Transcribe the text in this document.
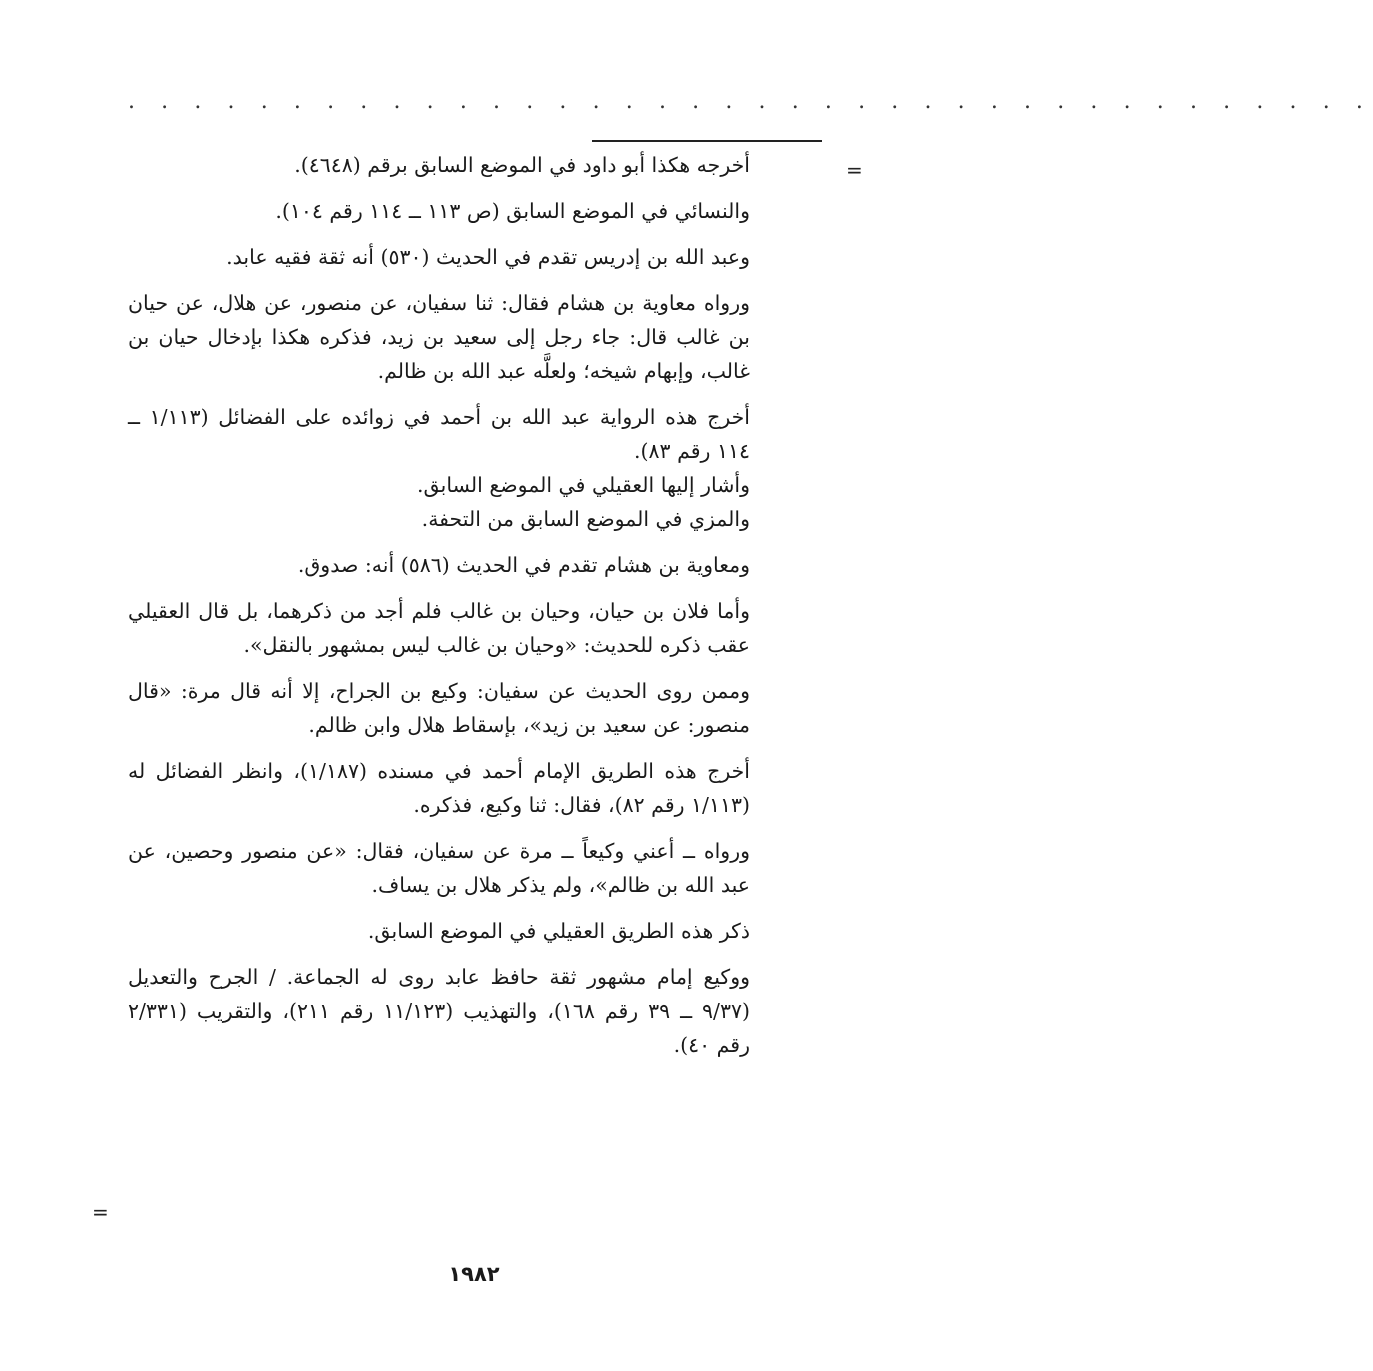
. . . . . . . . . . . . . . . . . . . . . . . . . . . . . . . . . . . . . .
=

أخرجه هكذا أبو داود في الموضع السابق برقم (٤٦٤٨).

والنسائي في الموضع السابق (ص ١١٣ ــ ١١٤ رقم ١٠٤).

وعبد الله بن إدريس تقدم في الحديث (٥٣٠) أنه ثقة فقيه عابد.

ورواه معاوية بن هشام فقال: ثنا سفيان، عن منصور، عن هلال، عن حيان بن غالب قال: جاء رجل إلى سعيد بن زيد، فذكره هكذا بإدخال حيان بن غالب، وإبهام شيخه؛ ولعلَّه عبد الله بن ظالم.

أخرج هذه الرواية عبد الله بن أحمد في زوائده على الفضائل (١/١١٣ ــ ١١٤ رقم ٨٣).

وأشار إليها العقيلي في الموضع السابق.

والمزي في الموضع السابق من التحفة.

ومعاوية بن هشام تقدم في الحديث (٥٨٦) أنه: صدوق.

وأما فلان بن حيان، وحيان بن غالب فلم أجد من ذكرهما، بل قال العقيلي عقب ذكره للحديث: «وحيان بن غالب ليس بمشهور بالنقل».

وممن روى الحديث عن سفيان: وكيع بن الجراح، إلا أنه قال مرة: «قال منصور: عن سعيد بن زيد»، بإسقاط هلال وابن ظالم.

أخرج هذه الطريق الإمام أحمد في مسنده (١/١٨٧)، وانظر الفضائل له (١/١١٣ رقم ٨٢)، فقال: ثنا وكيع، فذكره.

ورواه ــ أعني وكيعاً ــ مرة عن سفيان، فقال: «عن منصور وحصين، عن عبد الله بن ظالم»، ولم يذكر هلال بن يساف.

ذكر هذه الطريق العقيلي في الموضع السابق.

ووكيع إمام مشهور ثقة حافظ عابد روى له الجماعة. / الجرح والتعديل (٩/٣٧ ــ ٣٩ رقم ١٦٨)، والتهذيب (١١/١٢٣ رقم ٢١١)، والتقريب (٢/٣٣١ رقم ٤٠).

=
١٩٨٢
